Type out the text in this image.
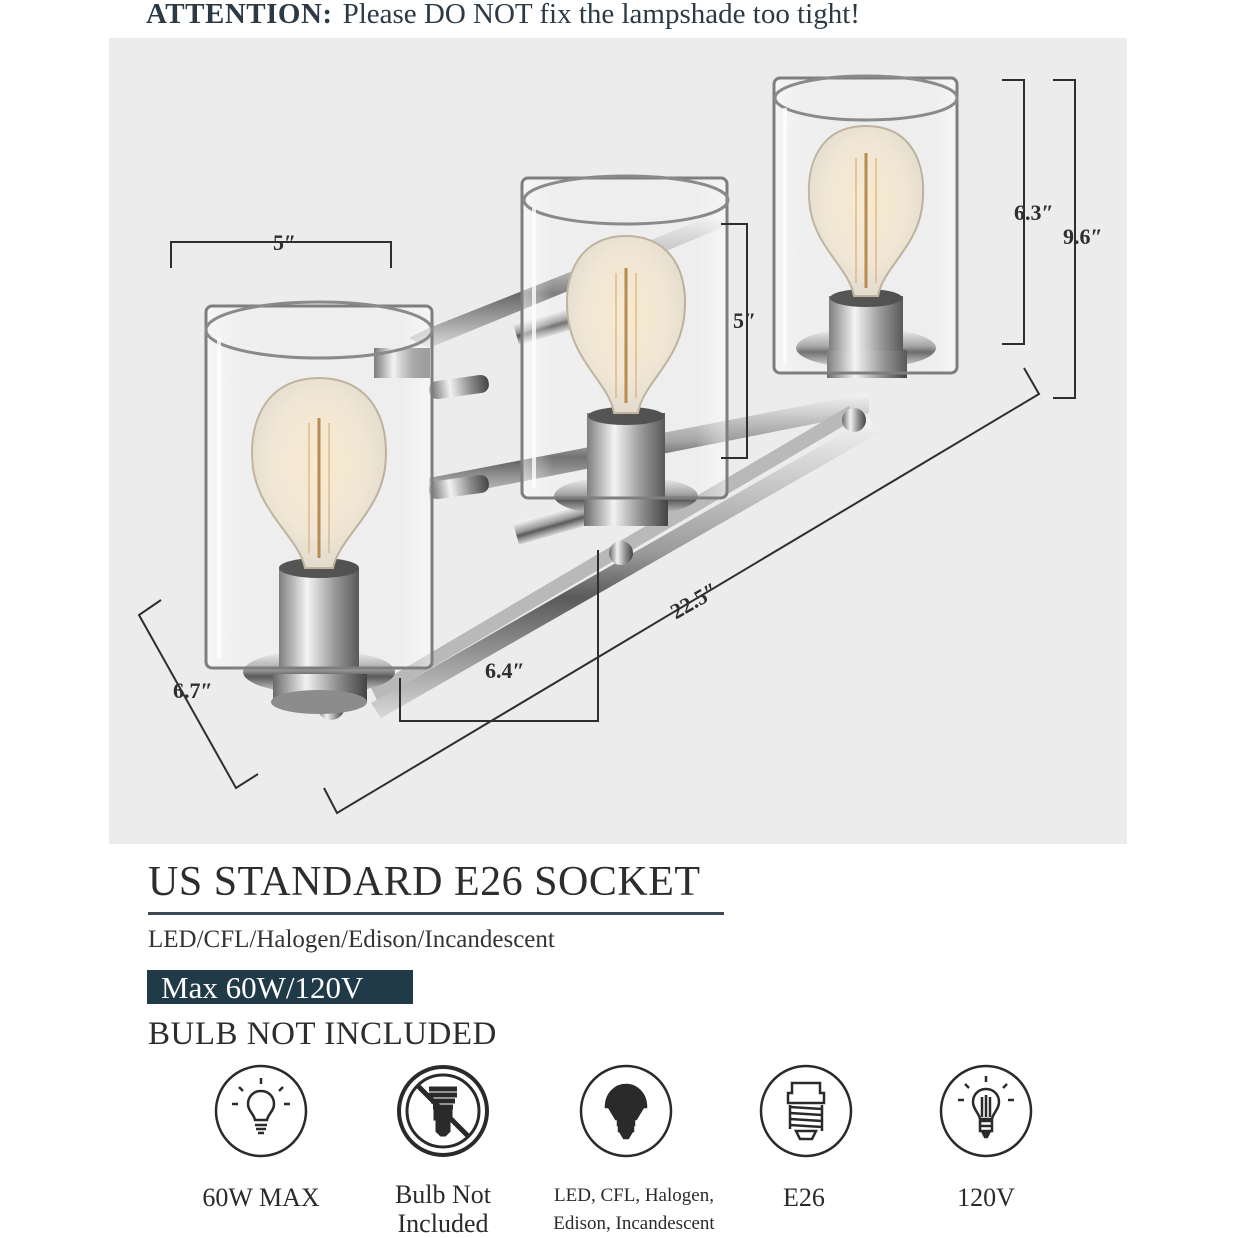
ATTENTION: Please DO NOT fix the lampshade too tight!
5″
5″
6.3″
9.6″
22.5″
6.4″
6.7″
US STANDARD E26 SOCKET
LED/CFL/Halogen/Edison/Incandescent
Max 60W/120V
BULB NOT INCLUDED
60W MAX	Bulb Not
Included
LED, CFL, Halogen,
Edison, Incandescent
E26	120V
